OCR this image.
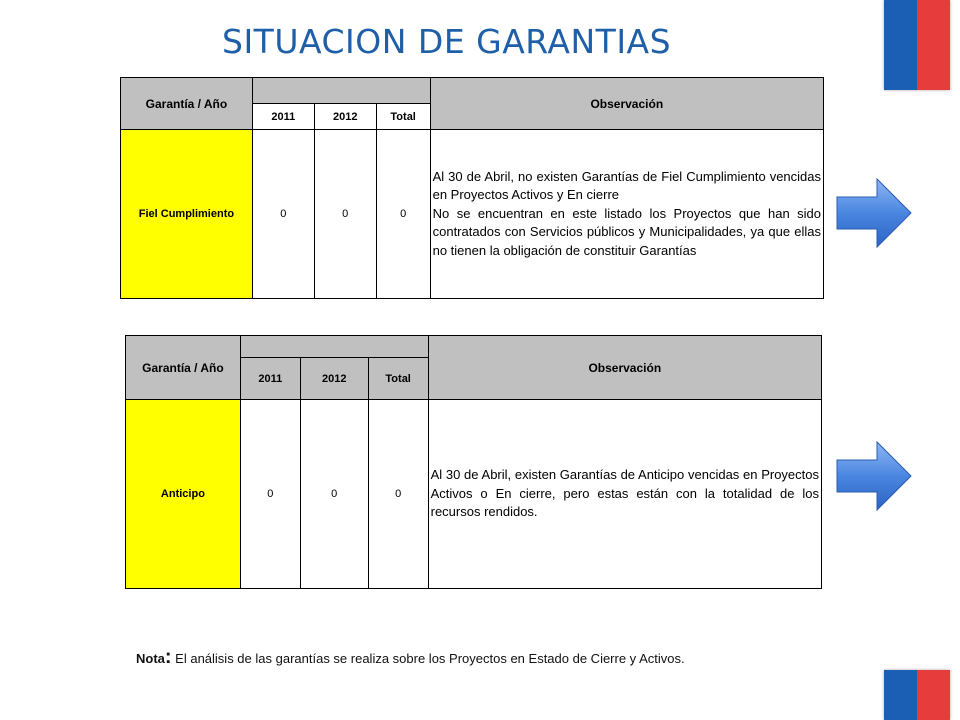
SITUACION DE GARANTIAS
Garantía / Año				Observación
	2011	2012	Total	
Fiel Cumplimiento	0	0	0	Al 30 de Abril, no existen Garantías de Fiel Cumplimiento vencidas en Proyectos Activos y En cierre

No se encuentran en este listado los Proyectos que han sido contratados con Servicios públicos y Municipalidades, ya que ellas no tienen la obligación de constituir Garantías

Garantía / Año				Observación
	2011	2012	Total	
Anticipo	0	0	0	Al 30 de Abril, existen Garantías de Anticipo vencidas en Proyectos Activos o En cierre, pero estas están con la totalidad de los recursos rendidos.

Nota: El análisis de las garantías se realiza sobre los Proyectos en Estado de Cierre y Activos.
